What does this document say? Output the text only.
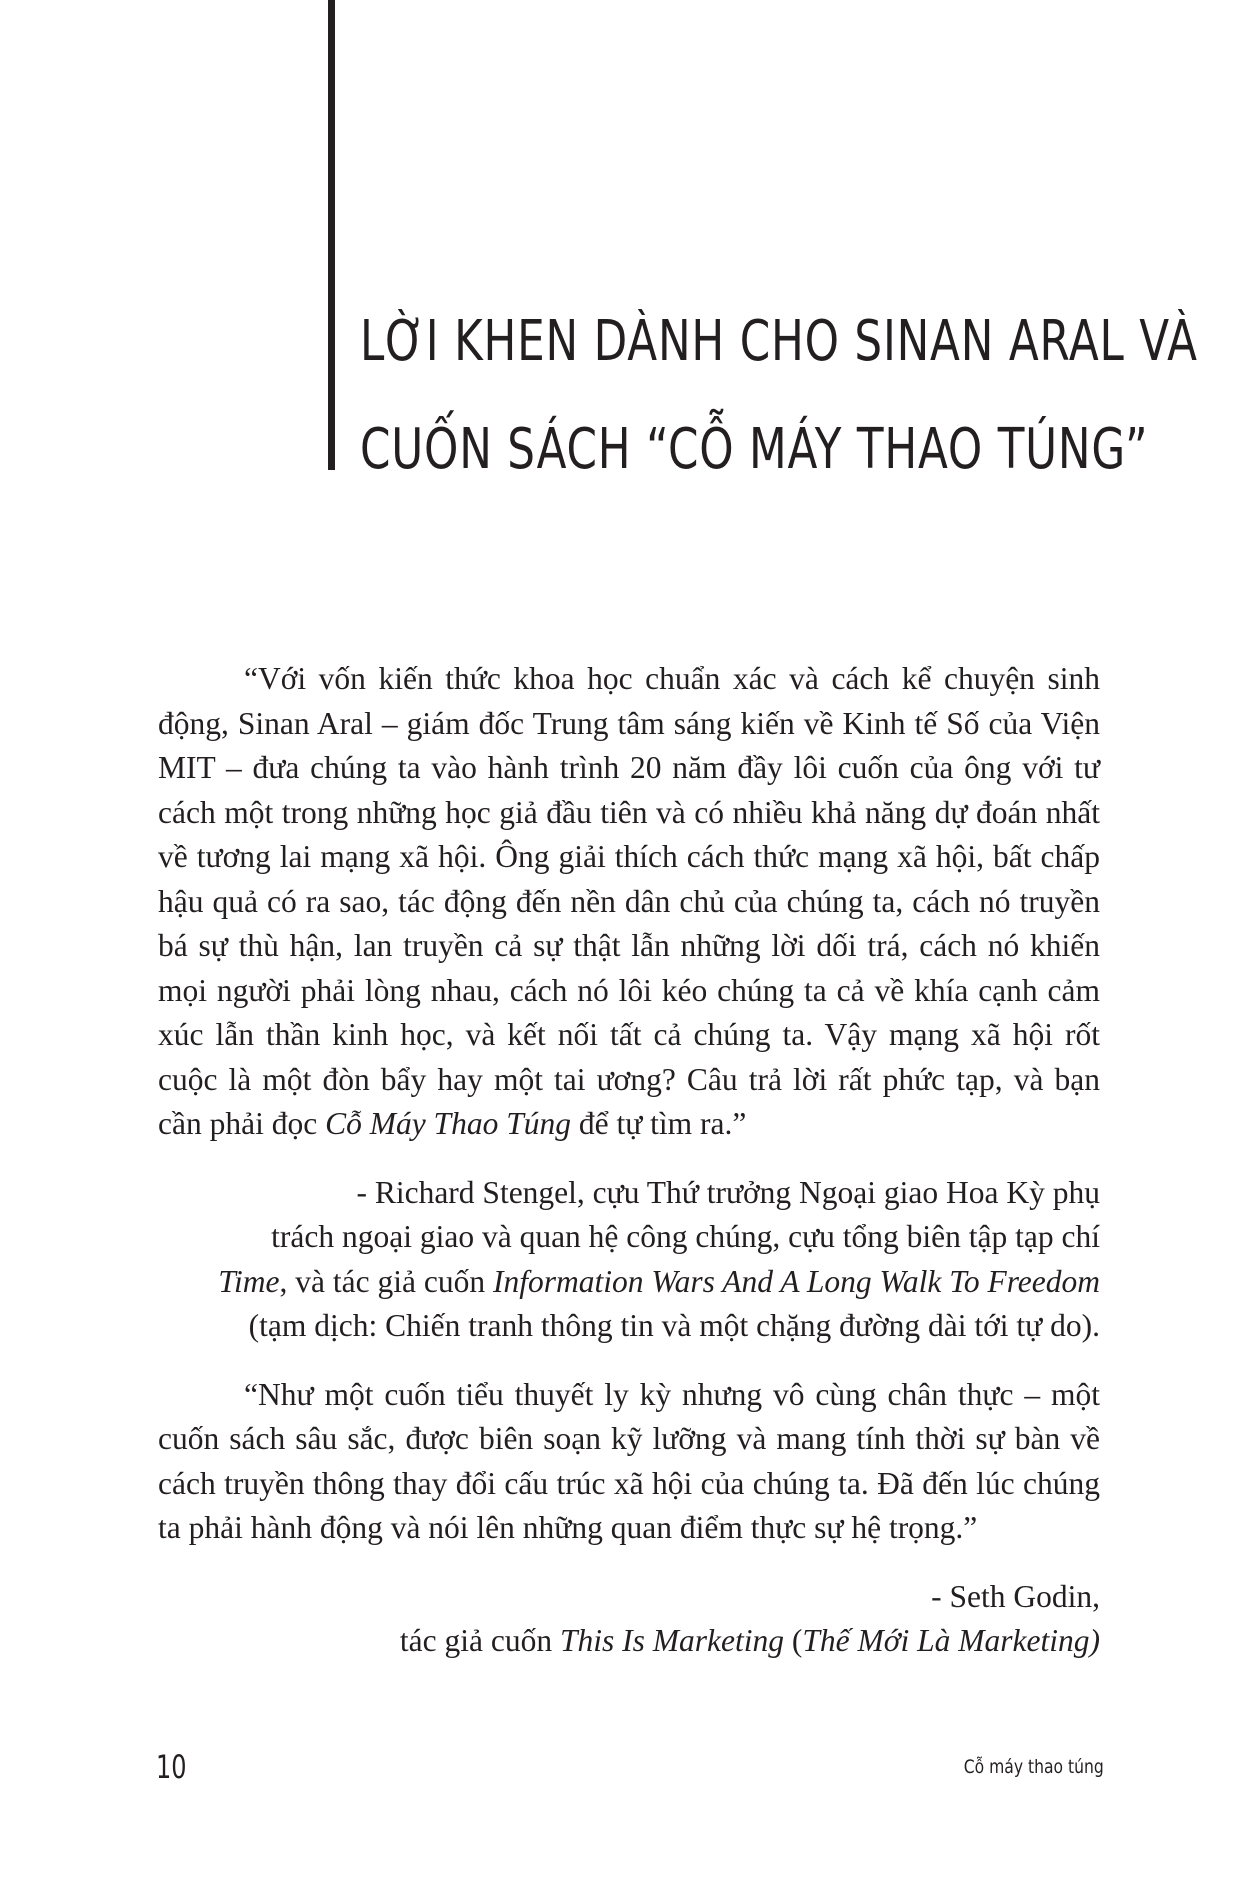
LỜI KHEN DÀNH CHO SINAN ARAL VÀ
CUỐN SÁCH “CỖ MÁY THAO TÚNG”

“Với vốn kiến thức khoa học chuẩn xác và cách kể chuyện sinh động, Sinan Aral – giám đốc Trung tâm sáng kiến về Kinh tế Số của Viện MIT – đưa chúng ta vào hành trình 20 năm đầy lôi cuốn của ông với tư cách một trong những học giả đầu tiên và có nhiều khả năng dự đoán nhất về tương lai mạng xã hội. Ông giải thích cách thức mạng xã hội, bất chấp hậu quả có ra sao, tác động đến nền dân chủ của chúng ta, cách nó truyền bá sự thù hận, lan truyền cả sự thật lẫn những lời dối trá, cách nó khiến mọi người phải lòng nhau, cách nó lôi kéo chúng ta cả về khía cạnh cảm xúc lẫn thần kinh học, và kết nối tất cả chúng ta. Vậy mạng xã hội rốt cuộc là một đòn bẩy hay một tai ương? Câu trả lời rất phức tạp, và bạn cần phải đọc Cỗ Máy Thao Túng để tự tìm ra.”

- Richard Stengel, cựu Thứ trưởng Ngoại giao Hoa Kỳ phụ
trách ngoại giao và quan hệ công chúng, cựu tổng biên tập tạp chí
Time, và tác giả cuốn Information Wars And A Long Walk To Freedom
(tạm dịch: Chiến tranh thông tin và một chặng đường dài tới tự do).

“Như một cuốn tiểu thuyết ly kỳ nhưng vô cùng chân thực – một cuốn sách sâu sắc, được biên soạn kỹ lưỡng và mang tính thời sự bàn về cách truyền thông thay đổi cấu trúc xã hội của chúng ta. Đã đến lúc chúng ta phải hành động và nói lên những quan điểm thực sự hệ trọng.”

- Seth Godin,
tác giả cuốn This Is Marketing (Thế Mới Là Marketing)

10	Cỗ máy thao túng
